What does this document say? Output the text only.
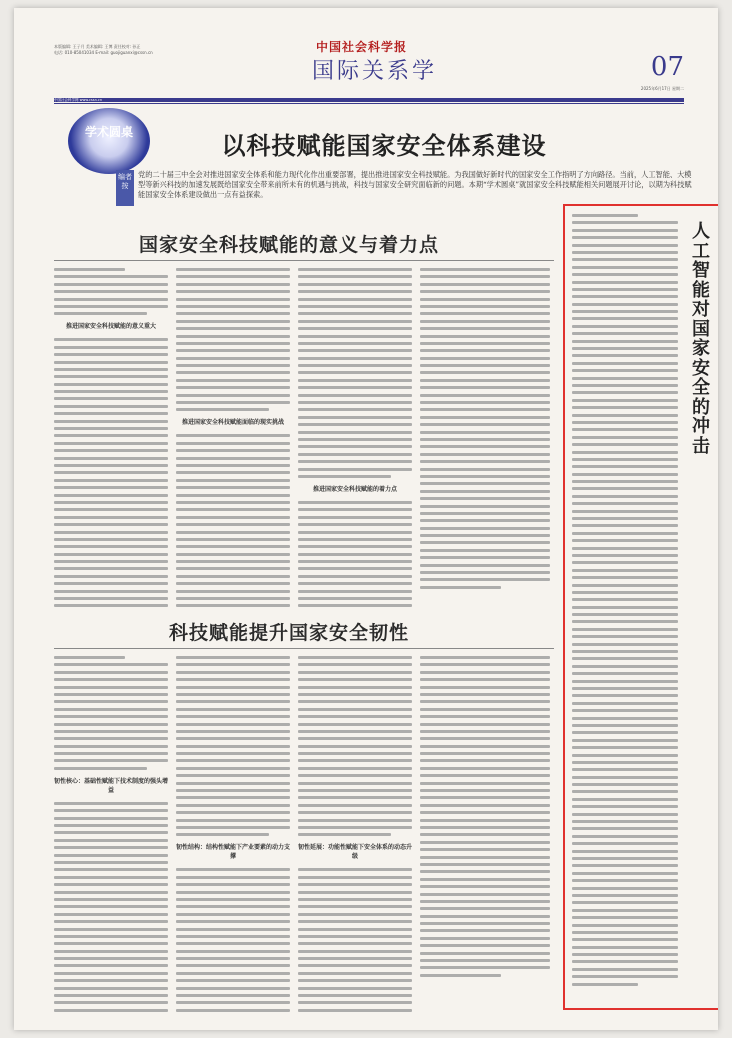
本版编辑: 王子月 美术编辑: 王博 责任校对: 孙正
电话: 010-85041034 E-mail: guojiguanxi@cssn.cn	中国社会科学报
国际关系学	07
2025年6月17日 星期二
中国社会科学网 www.cssn.cn
学术圆桌	以科技赋能国家安全体系建设
编者按
党的二十届三中全会对推进国家安全体系和能力现代化作出重要部署，提出推进国家安全科技赋能。为我国做好新时代的国家安全工作指明了方向路径。当前，人工智能、大模型等新兴科技的加速发展既给国家安全带来前所未有的机遇与挑战，科技与国家安全研究面临新的问题。本期“学术圆桌”就国家安全科技赋能相关问题展开讨论，以期为科技赋能国家安全体系建设做出一点有益探索。
国家安全科技赋能的意义与着力点
推进国家安全科技赋能的意义重大
推进国家安全科技赋能面临的现实挑战
推进国家安全科技赋能的着力点
科技赋能提升国家安全韧性
韧性核心：基础性赋能下技术制度的强头增益
韧性结构：结构性赋能下产业要素的动力支撑
韧性延展：功能性赋能下安全体系的动态升级
人工智能对国家安全的冲击
